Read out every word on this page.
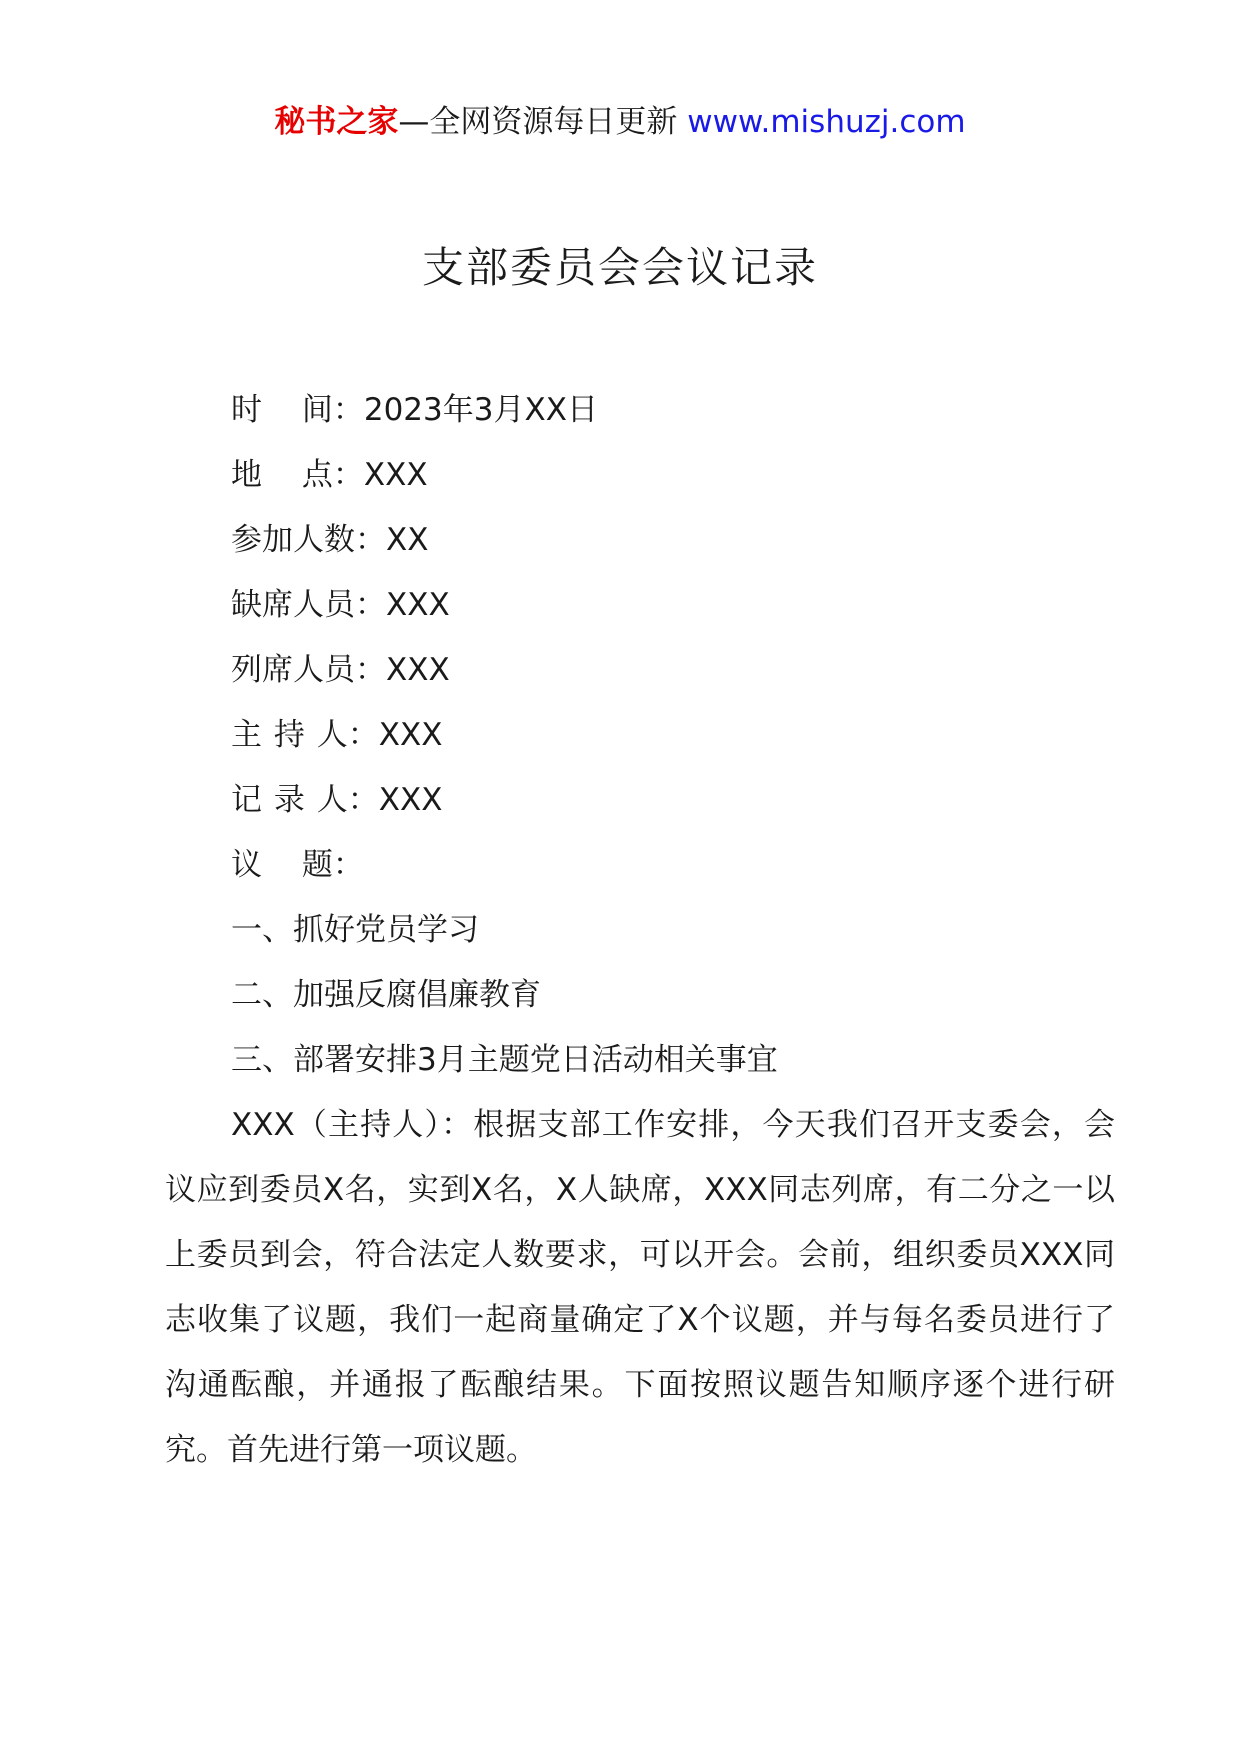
秘书之家—全网资源每日更新 www.mishuzj.com
支部委员会会议记录

时 间：2023年3月XX日

地 点：XXX

参加人数：XX

缺席人员：XXX

列席人员：XXX

主 持 人：XXX

记 录 人：XXX

议 题：

一、抓好党员学习

二、加强反腐倡廉教育

三、部署安排3月主题党日活动相关事宜

XXX（主持人）：根据支部工作安排，今天我们召开支委会，会议应到委员X名，实到X名，X人缺席，XXX同志列席，有二分之一以上委员到会，符合法定人数要求，可以开会。会前，组织委员XXX同志收集了议题，我们一起商量确定了X个议题，并与每名委员进行了沟通酝酿，并通报了酝酿结果。下面按照议题告知顺序逐个进行研究。首先进行第一项议题。
